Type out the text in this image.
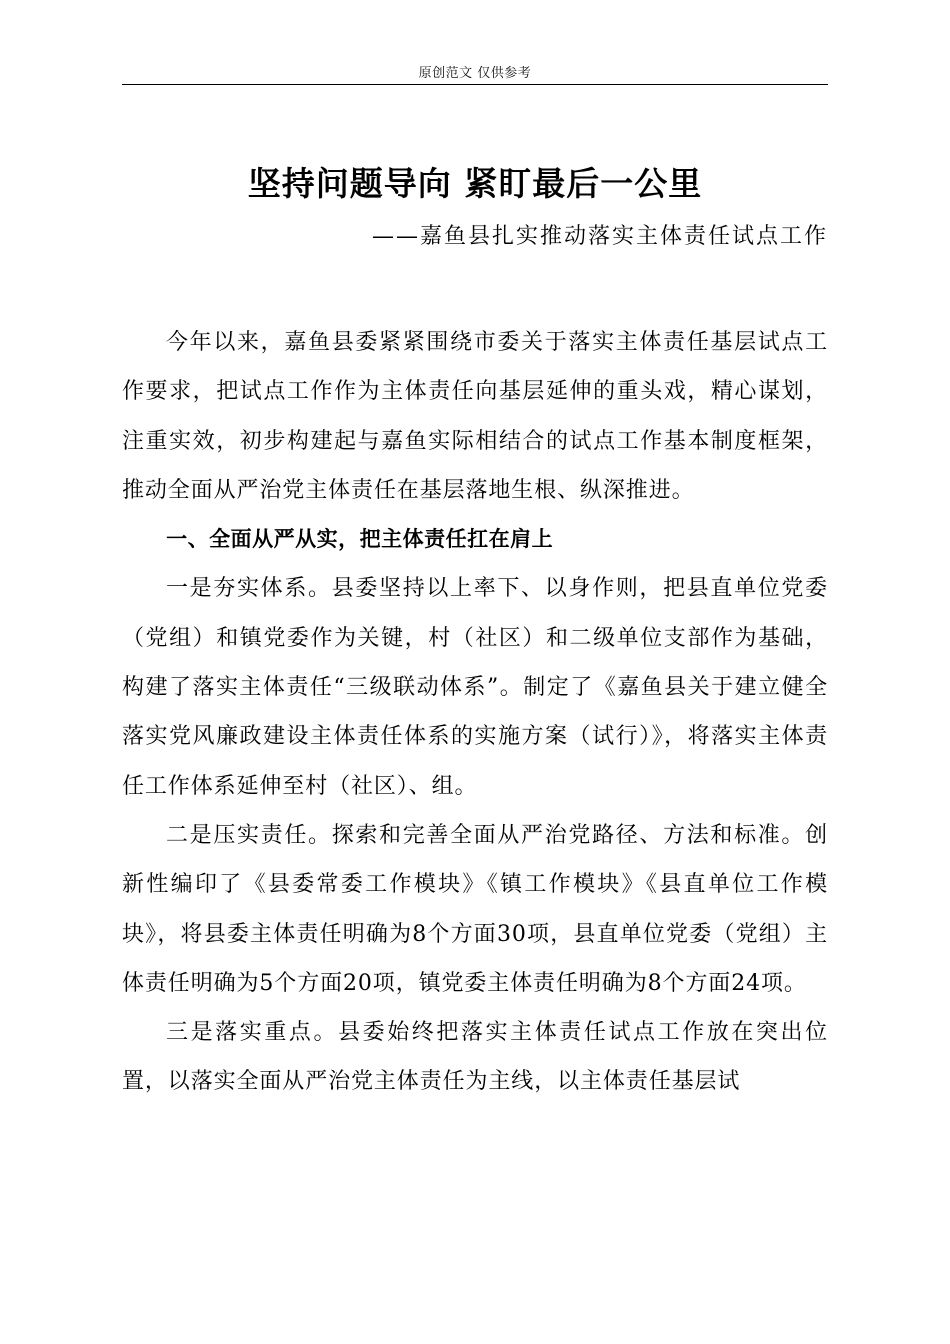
原创范文 仅供参考
坚持问题导向 紧盯最后一公里
——嘉鱼县扎实推动落实主体责任试点工作

今年以来，嘉鱼县委紧紧围绕市委关于落实主体责任基层试点工作要求，把试点工作作为主体责任向基层延伸的重头戏，精心谋划，注重实效，初步构建起与嘉鱼实际相结合的试点工作基本制度框架，推动全面从严治党主体责任在基层落地生根、纵深推进。

一、全面从严从实，把主体责任扛在肩上

一是夯实体系。县委坚持以上率下、以身作则，把县直单位党委（党组）和镇党委作为关键，村（社区）和二级单位支部作为基础，构建了落实主体责任“三级联动体系”。制定了《嘉鱼县关于建立健全落实党风廉政建设主体责任体系的实施方案（试行）》，将落实主体责任工作体系延伸至村（社区）、组。

二是压实责任。探索和完善全面从严治党路径、方法和标准。创新性编印了《县委常委工作模块》《镇工作模块》《县直单位工作模块》，将县委主体责任明确为8个方面30项，县直单位党委（党组）主体责任明确为5个方面20项，镇党委主体责任明确为8个方面24项。

三是落实重点。县委始终把落实主体责任试点工作放在突出位置，以落实全面从严治党主体责任为主线，以主体责任基层试
